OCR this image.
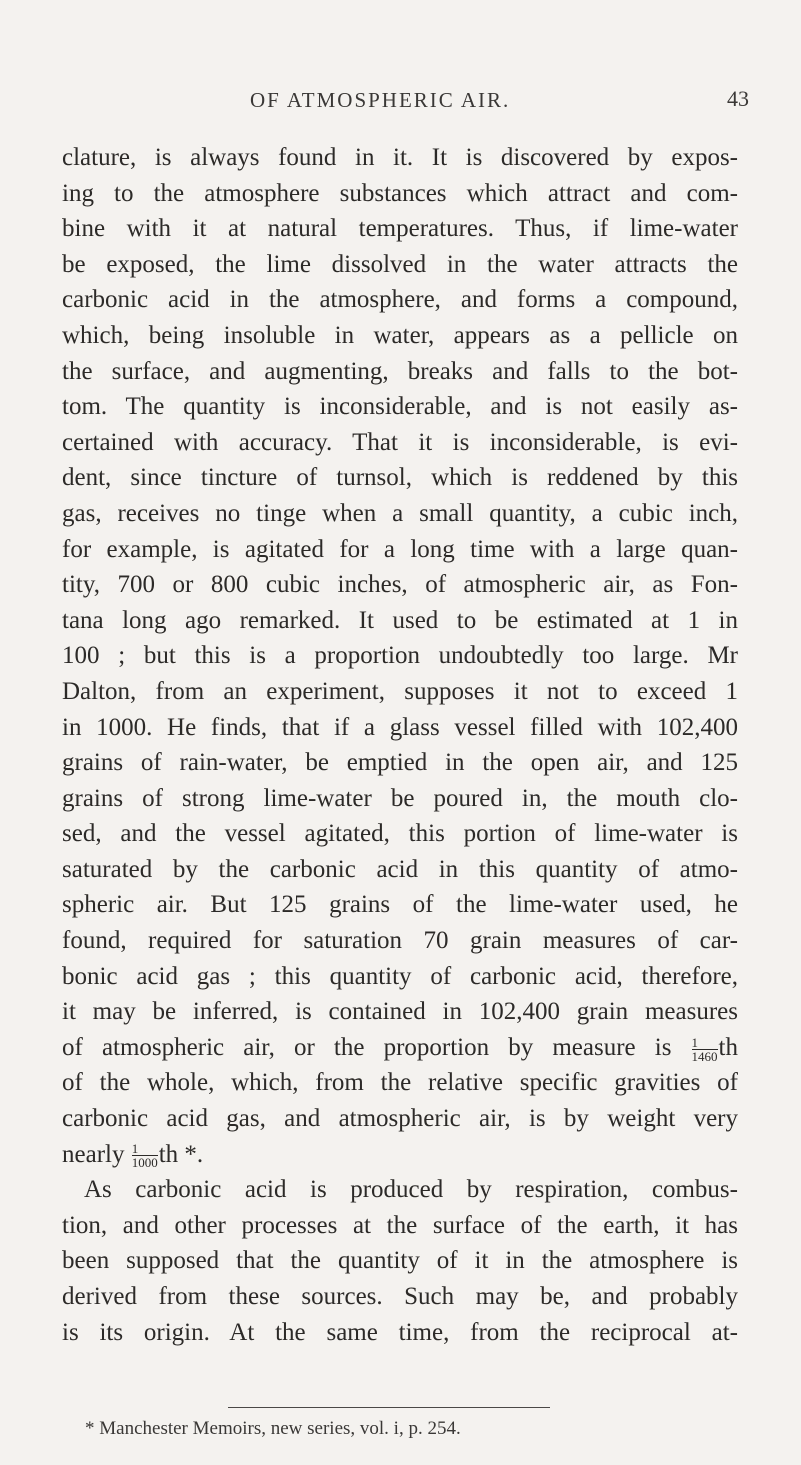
OF ATMOSPHERIC AIR.	43
clature, is always found in it. It is discovered by expos-
ing to the atmosphere substances which attract and com-
bine with it at natural temperatures. Thus, if lime-water
be exposed, the lime dissolved in the water attracts the
carbonic acid in the atmosphere, and forms a compound,
which, being insoluble in water, appears as a pellicle on
the surface, and augmenting, breaks and falls to the bot-
tom. The quantity is inconsiderable, and is not easily as-
certained with accuracy. That it is inconsiderable, is evi-
dent, since tincture of turnsol, which is reddened by this
gas, receives no tinge when a small quantity, a cubic inch,
for example, is agitated for a long time with a large quan-
tity, 700 or 800 cubic inches, of atmospheric air, as Fon-
tana long ago remarked. It used to be estimated at 1 in
100 ; but this is a proportion undoubtedly too large. Mr
Dalton, from an experiment, supposes it not to exceed 1
in 1000. He finds, that if a glass vessel filled with 102,400
grains of rain-water, be emptied in the open air, and 125
grains of strong lime-water be poured in, the mouth clo-
sed, and the vessel agitated, this portion of lime-water is
saturated by the carbonic acid in this quantity of atmo-
spheric air. But 125 grains of the lime-water used, he
found, required for saturation 70 grain measures of car-
bonic acid gas ; this quantity of carbonic acid, therefore,
it may be inferred, is contained in 102,400 grain measures
of atmospheric air, or the proportion by measure is $\frac{1}{1460}$ th
of the whole, which, from the relative specific gravities of
carbonic acid gas, and atmospheric air, is by weight very
nearly $\frac{1}{1000}$ th *.
As carbonic acid is produced by respiration, combus-
tion, and other processes at the surface of the earth, it has
been supposed that the quantity of it in the atmosphere is
derived from these sources. Such may be, and probably
is its origin. At the same time, from the reciprocal at-
* Manchester Memoirs, new series, vol. i, p. 254.
